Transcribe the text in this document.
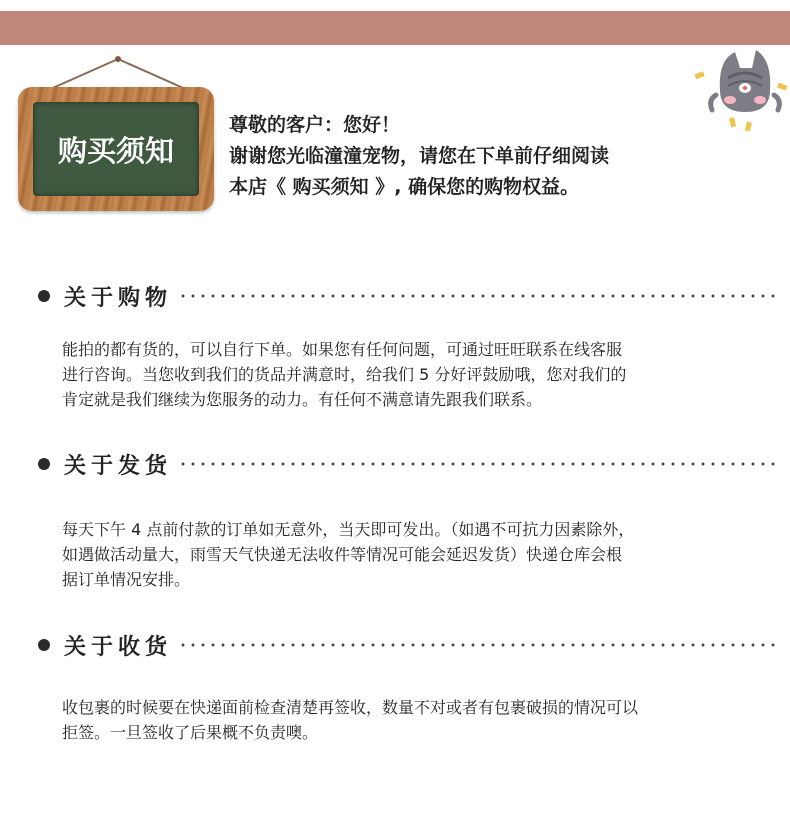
购买须知
尊敬的客户：您好！
谢谢您光临潼潼宠物，请您在下单前仔细阅读
本店《 购买须知 》, 确保您的购物权益。
关于购物

能拍的都有货的，可以自行下单。如果您有任何问题，可通过旺旺联系在线客服

进行咨询。当您收到我们的货品并满意时，给我们 5 分好评鼓励哦，您对我们的

肯定就是我们继续为您服务的动力。有任何不满意请先跟我们联系。

关于发货

每天下午 4 点前付款的订单如无意外，当天即可发出。（如遇不可抗力因素除外，

如遇做活动量大，雨雪天气快递无法收件等情况可能会延迟发货）快递仓库会根

据订单情况安排。

关于收货

收包裹的时候要在快递面前检查清楚再签收，数量不对或者有包裹破损的情况可以

拒签。一旦签收了后果概不负责噢。
